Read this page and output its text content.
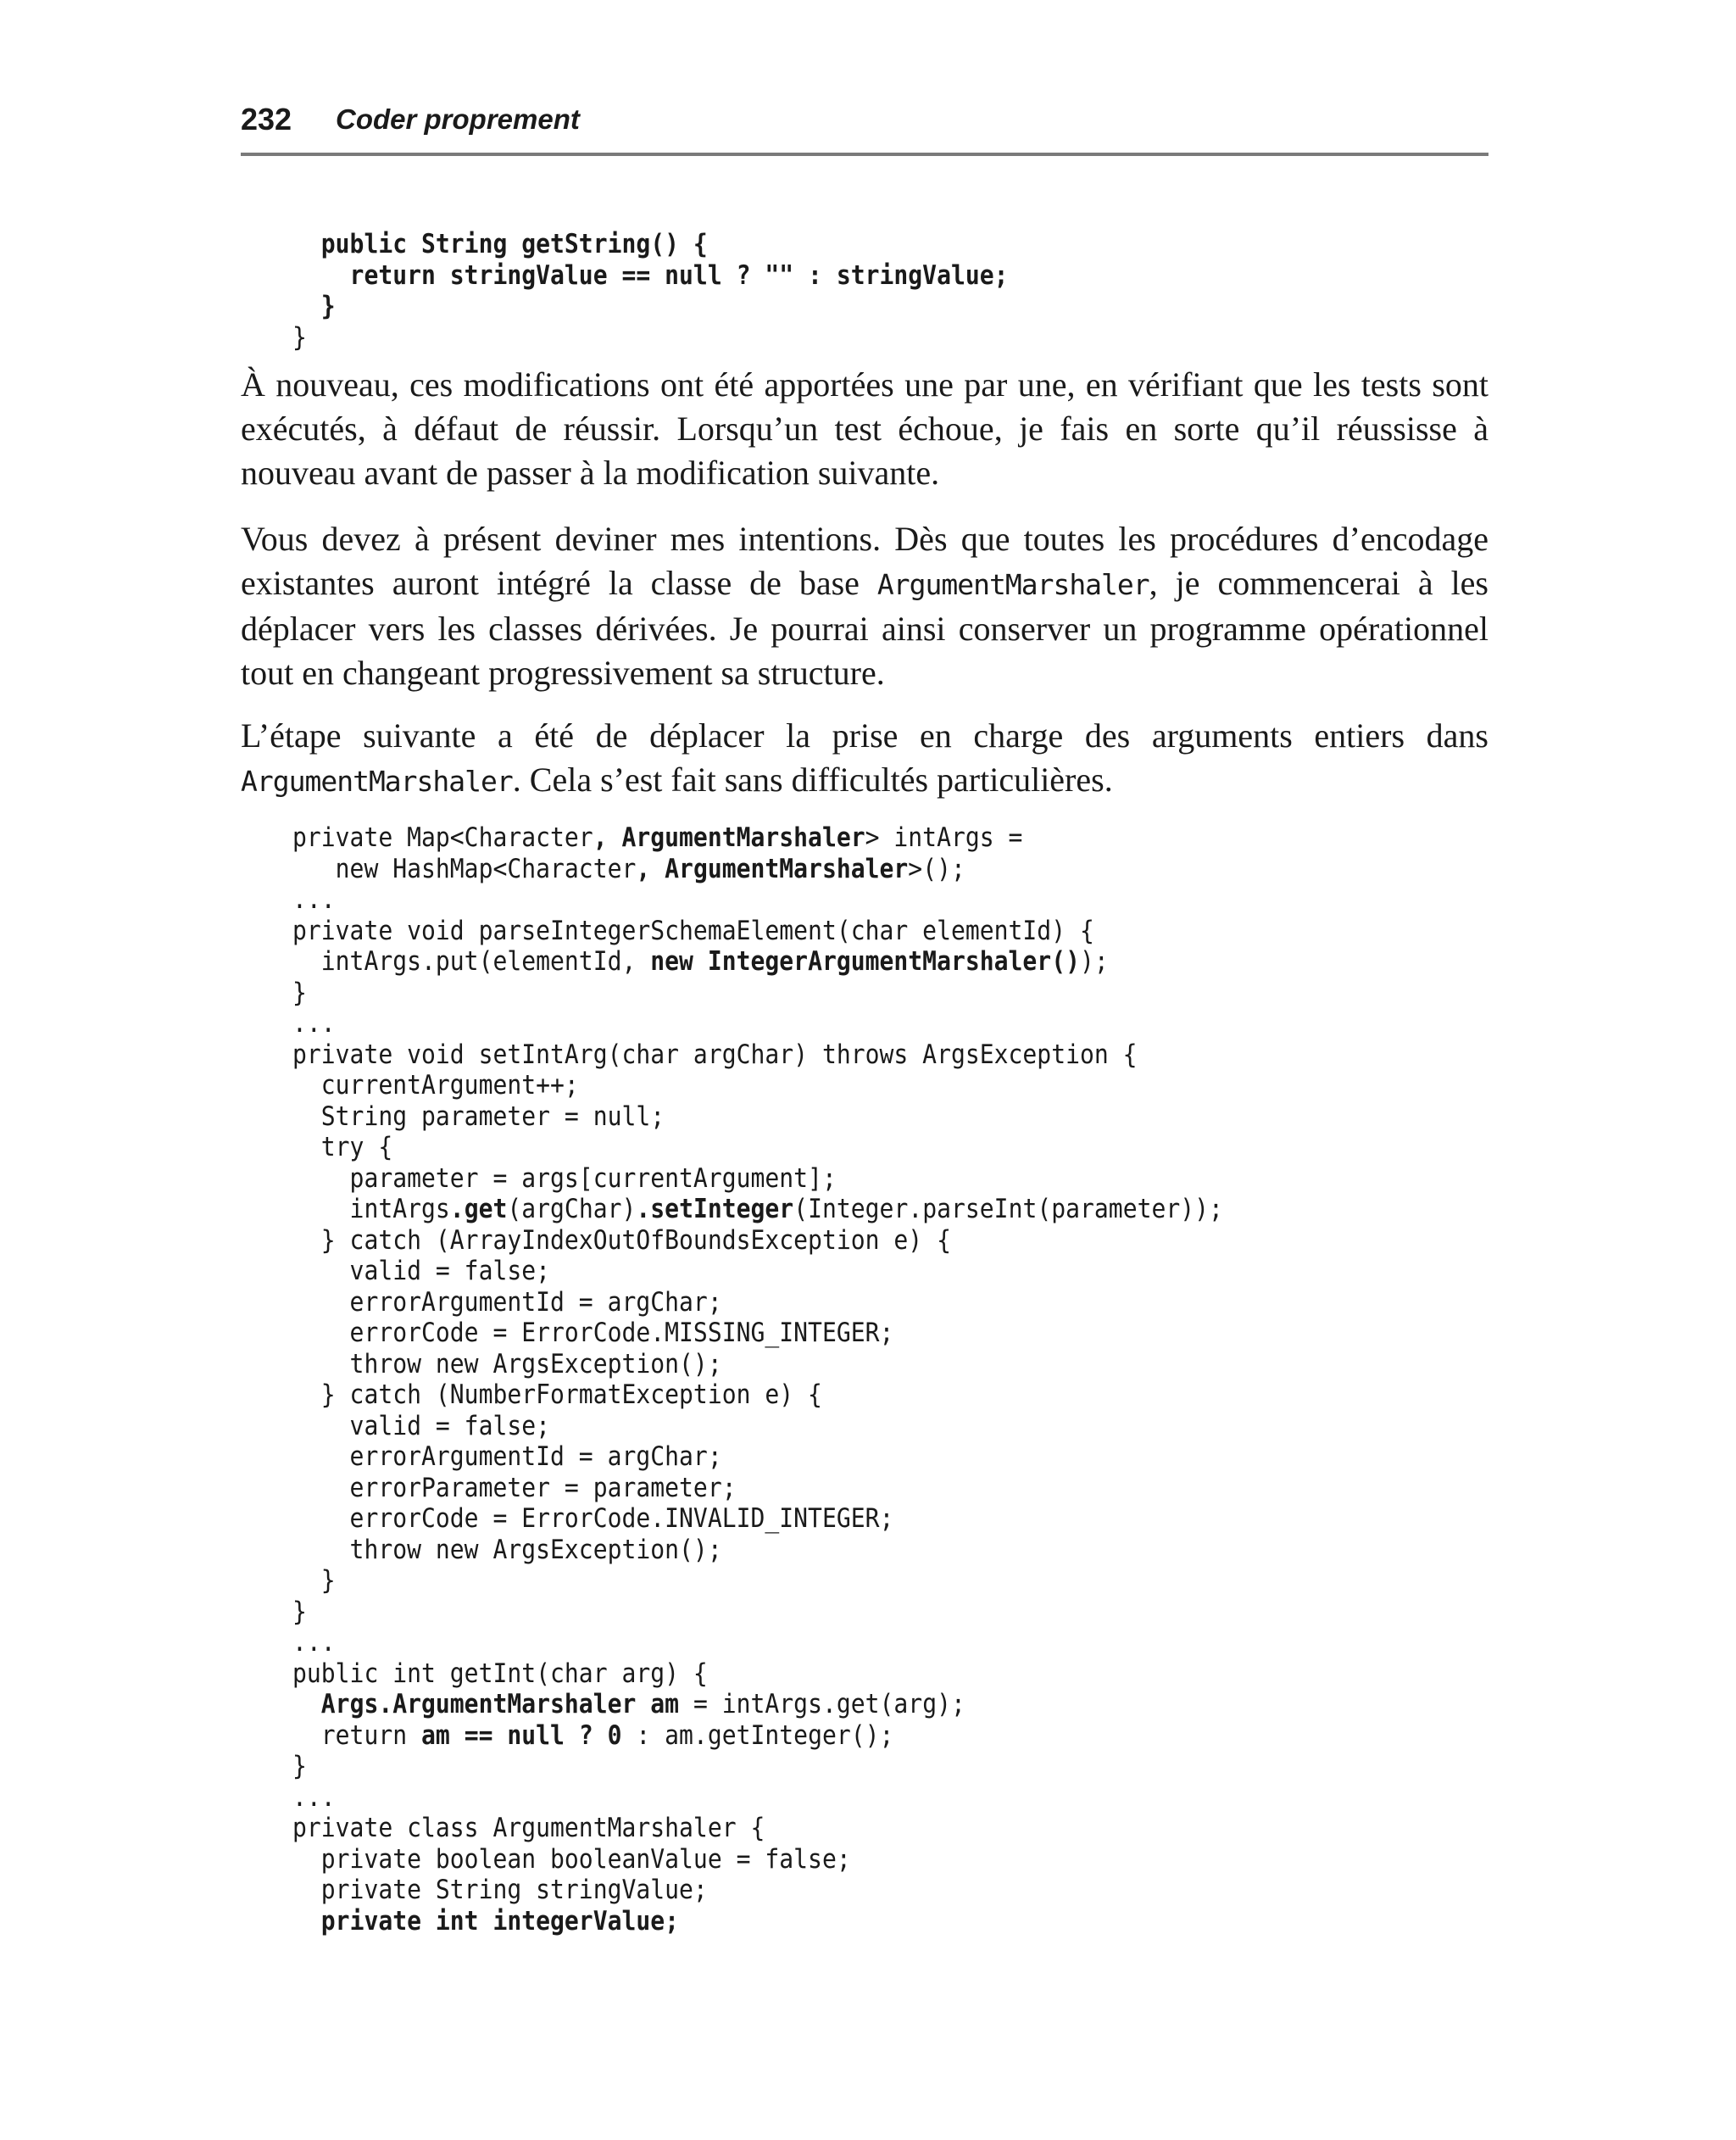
232 Coder proprement
public String getString() {
return stringValue == null ? "" : stringValue;
}
}

À nouveau, ces modifications ont été apportées une par une, en vérifiant que les tests sont exécutés, à défaut de réussir. Lorsqu’un test échoue, je fais en sorte qu’il réussisse à nouveau avant de passer à la modification suivante.

Vous devez à présent deviner mes intentions. Dès que toutes les procédures d’encodage existantes auront intégré la classe de base ArgumentMarshaler, je commencerai à les déplacer vers les classes dérivées. Je pourrai ainsi conserver un programme opérationnel tout en changeant progressivement sa structure.

L’étape suivante a été de déplacer la prise en charge des arguments entiers dans ArgumentMarshaler. Cela s’est fait sans difficultés particulières.

private Map<Character, ArgumentMarshaler> intArgs =
new HashMap<Character, ArgumentMarshaler>();
...
private void parseIntegerSchemaElement(char elementId) {
intArgs.put(elementId, new IntegerArgumentMarshaler());
}
...
private void setIntArg(char argChar) throws ArgsException {
currentArgument++;
String parameter = null;
try {
parameter = args[currentArgument];
intArgs.get(argChar).setInteger(Integer.parseInt(parameter));
} catch (ArrayIndexOutOfBoundsException e) {
valid = false;
errorArgumentId = argChar;
errorCode = ErrorCode.MISSING_INTEGER;
throw new ArgsException();
} catch (NumberFormatException e) {
valid = false;
errorArgumentId = argChar;
errorParameter = parameter;
errorCode = ErrorCode.INVALID_INTEGER;
throw new ArgsException();
}
}
...
public int getInt(char arg) {
Args.ArgumentMarshaler am = intArgs.get(arg);
return am == null ? 0 : am.getInteger();
}
...
private class ArgumentMarshaler {
private boolean booleanValue = false;
private String stringValue;
private int integerValue;
